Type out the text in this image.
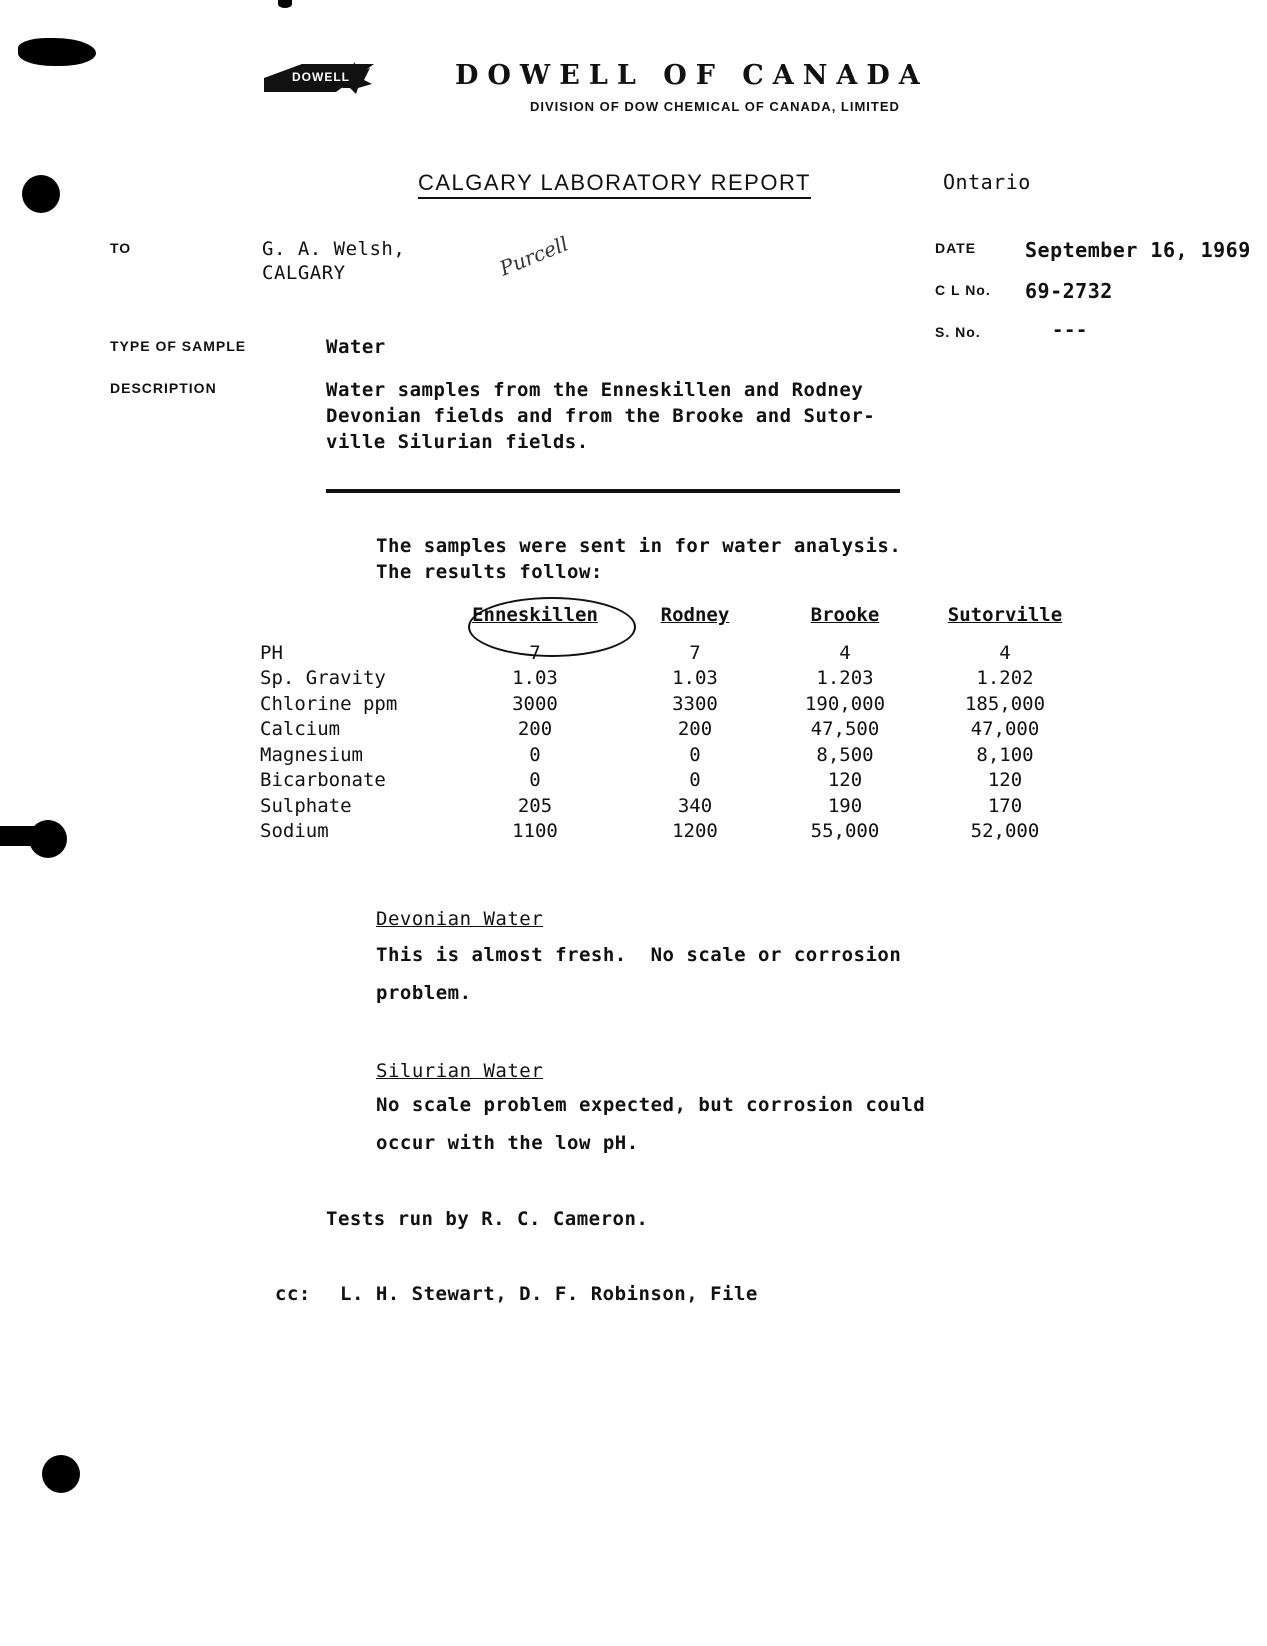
DOWELL	DOWELL OF CANADA
DIVISION OF DOW CHEMICAL OF CANADA, LIMITED
CALGARY LABORATORY REPORT	Ontario
TO	G. A. Welsh,
CALGARY	Purcell	DATE September 16, 1969
C L No. 69-2732
S. No.	---
TYPE OF SAMPLE	Water
DESCRIPTION	Water samples from the Enneskillen and Rodney
Devonian fields and from the Brooke and Sutor-
ville Silurian fields.
The samples were sent in for water analysis.
The results follow:
	Enneskillen	Rodney	Brooke	Sutorville
PH	7	7	4	4
Sp. Gravity	1.03	1.03	1.203	1.202
Chlorine ppm	3000	3300	190,000	185,000
Calcium	200	200	47,500	47,000
Magnesium	0	0	8,500	8,100
Bicarbonate	0	0	120	120
Sulphate	205	340	190	170
Sodium	1100	1200	55,000	52,000
Devonian Water
This is almost fresh.  No scale or corrosion
problem.
Silurian Water
No scale problem expected, but corrosion could
occur with the low pH.
Tests run by R. C. Cameron.
cc: L. H. Stewart, D. F. Robinson, File
